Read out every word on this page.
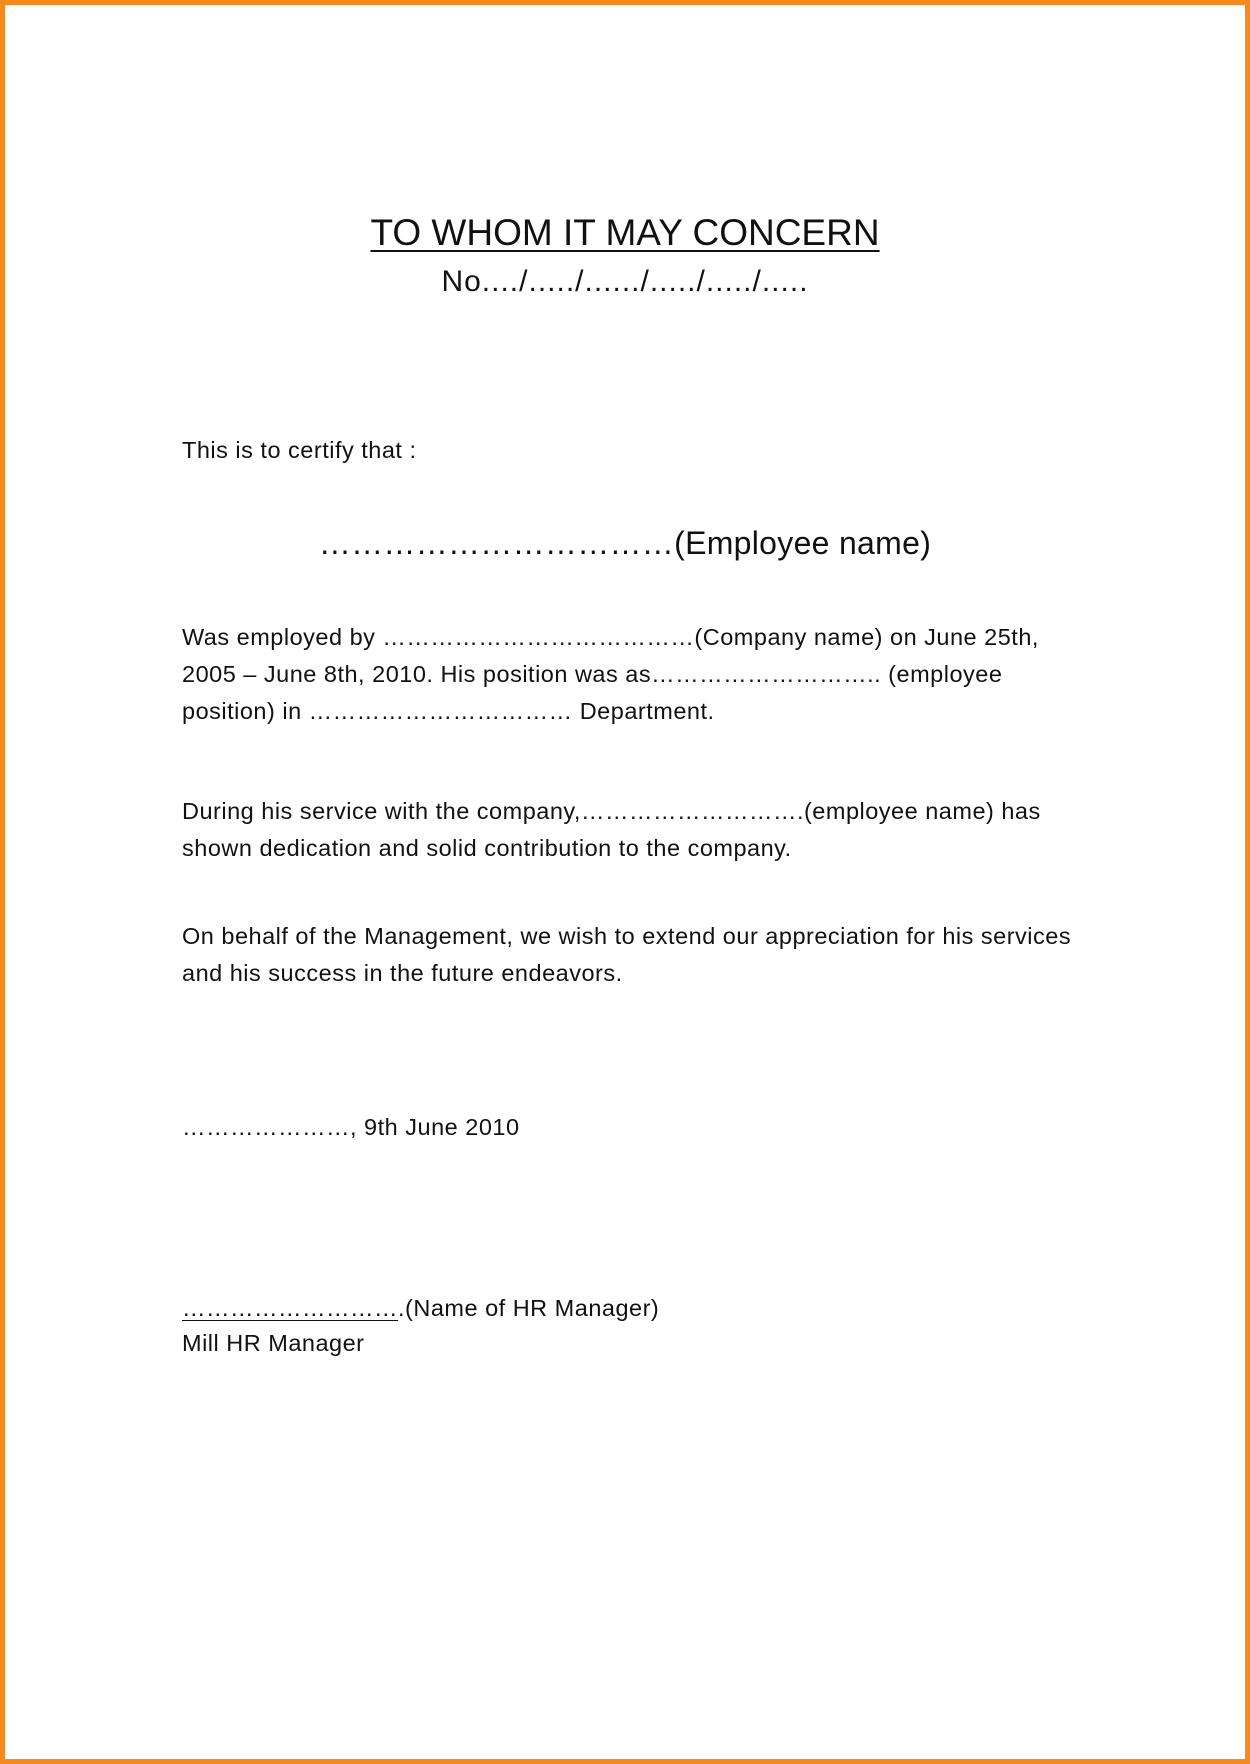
TO WHOM IT MAY CONCERN
No..../...../....../...../...../.....
This is to certify that :
……………………………(Employee name)
Was employed by …………………………………(Company name) on June 25th, 2005 – June 8th, 2010. His position was as……………………….. (employee position) in …………………………… Department.
During his service with the company,……………………….(employee name) has shown dedication and solid contribution to the company.
On behalf of the Management, we wish to extend our appreciation for his services and his success in the future endeavors.
…………………, 9th June 2010
……………………….(Name of HR Manager)
Mill HR Manager
